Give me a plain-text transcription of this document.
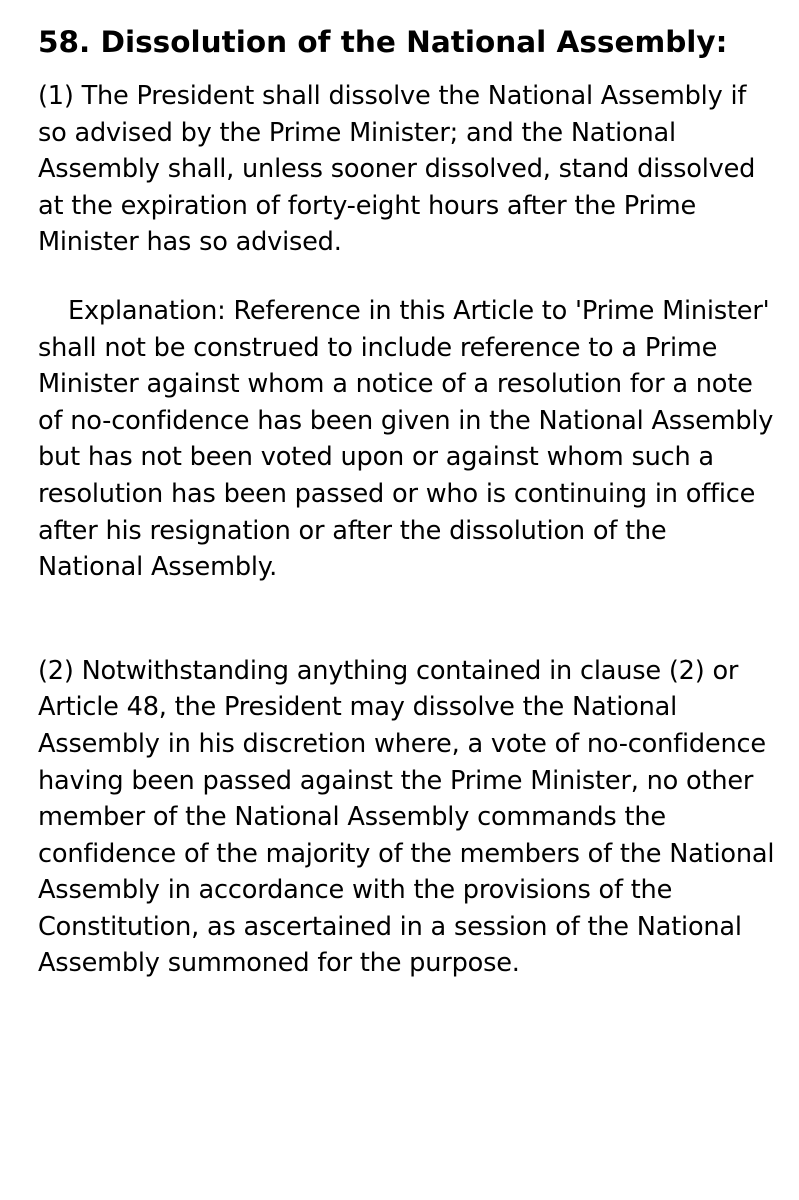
58. Dissolution of the National Assembly:

(1) The President shall dissolve the National Assembly if so advised by the Prime Minister; and the National Assembly shall, unless sooner dissolved, stand dissolved at the expiration of forty-eight hours after the Prime Minister has so advised.

Explanation: Reference in this Article to 'Prime Minister' shall not be construed to include reference to a Prime Minister against whom a notice of a resolution for a note of no-confidence has been given in the National Assembly but has not been voted upon or against whom such a resolution has been passed or who is continuing in office after his resignation or after the dissolution of the National Assembly.

(2) Notwithstanding anything contained in clause (2) or Article 48, the President may dissolve the National Assembly in his discretion where, a vote of no-confidence having been passed against the Prime Minister, no other member of the National Assembly commands the confidence of the majority of the members of the National Assembly in accordance with the provisions of the Constitution, as ascertained in a session of the National Assembly summoned for the purpose.
